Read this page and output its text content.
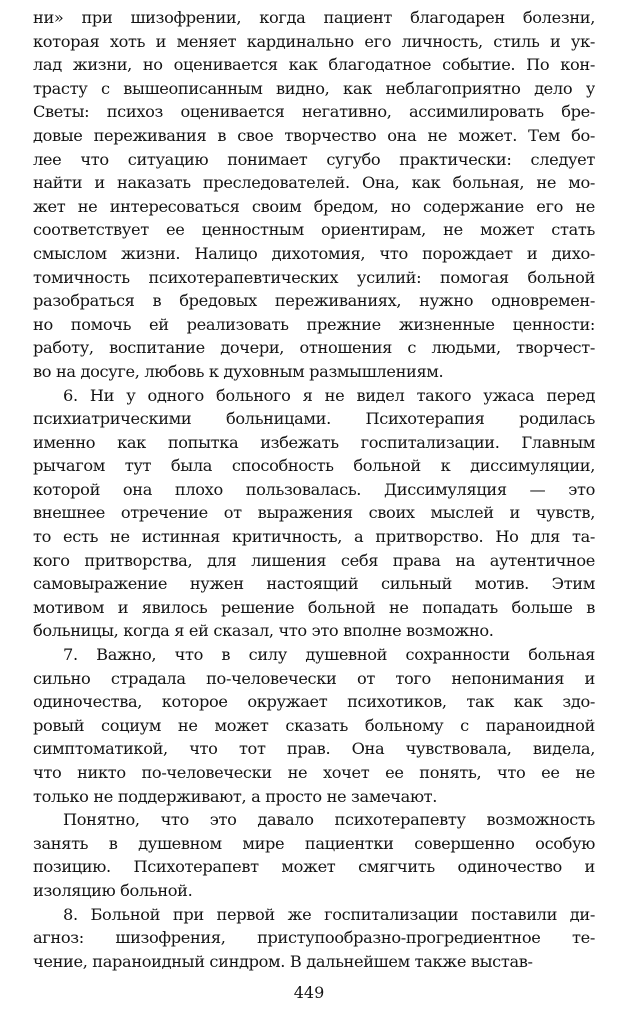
ни» при шизофрении, когда пациент благодарен болезни,
которая хоть и меняет кардинально его личность, стиль и ук-
лад жизни, но оценивается как благодатное событие. По кон-
трасту с вышеописанным видно, как неблагоприятно дело у
Светы: психоз оценивается негативно, ассимилировать бре-
довые переживания в свое творчество она не может. Тем бо-
лее что ситуацию понимает сугубо практически: следует
найти и наказать преследователей. Она, как больная, не мо-
жет не интересоваться своим бредом, но содержание его не
соответствует ее ценностным ориентирам, не может стать
смыслом жизни. Налицо дихотомия, что порождает и дихо-
томичность психотерапевтических усилий: помогая больной
разобраться в бредовых переживаниях, нужно одновремен-
но помочь ей реализовать прежние жизненные ценности:
работу, воспитание дочери, отношения с людьми, творчест-
во на досуге, любовь к духовным размышлениям.
6. Ни у одного больного я не видел такого ужаса перед
психиатрическими больницами. Психотерапия родилась
именно как попытка избежать госпитализации. Главным
рычагом тут была способность больной к диссимуляции,
которой она плохо пользовалась. Диссимуляция — это
внешнее отречение от выражения своих мыслей и чувств,
то есть не истинная критичность, а притворство. Но для та-
кого притворства, для лишения себя права на аутентичное
самовыражение нужен настоящий сильный мотив. Этим
мотивом и явилось решение больной не попадать больше в
больницы, когда я ей сказал, что это вполне возможно.
7. Важно, что в силу душевной сохранности больная
сильно страдала по-человечески от того непонимания и
одиночества, которое окружает психотиков, так как здо-
ровый социум не может сказать больному с параноидной
симптоматикой, что тот прав. Она чувствовала, видела,
что никто по-человечески не хочет ее понять, что ее не
только не поддерживают, а просто не замечают.
Понятно, что это давало психотерапевту возможность
занять в душевном мире пациентки совершенно особую
позицию. Психотерапевт может смягчить одиночество и
изоляцию больной.
8. Больной при первой же госпитализации поставили ди-
агноз: шизофрения, приступообразно-прогредиентное те-
чение, параноидный синдром. В дальнейшем также выстав-
449
